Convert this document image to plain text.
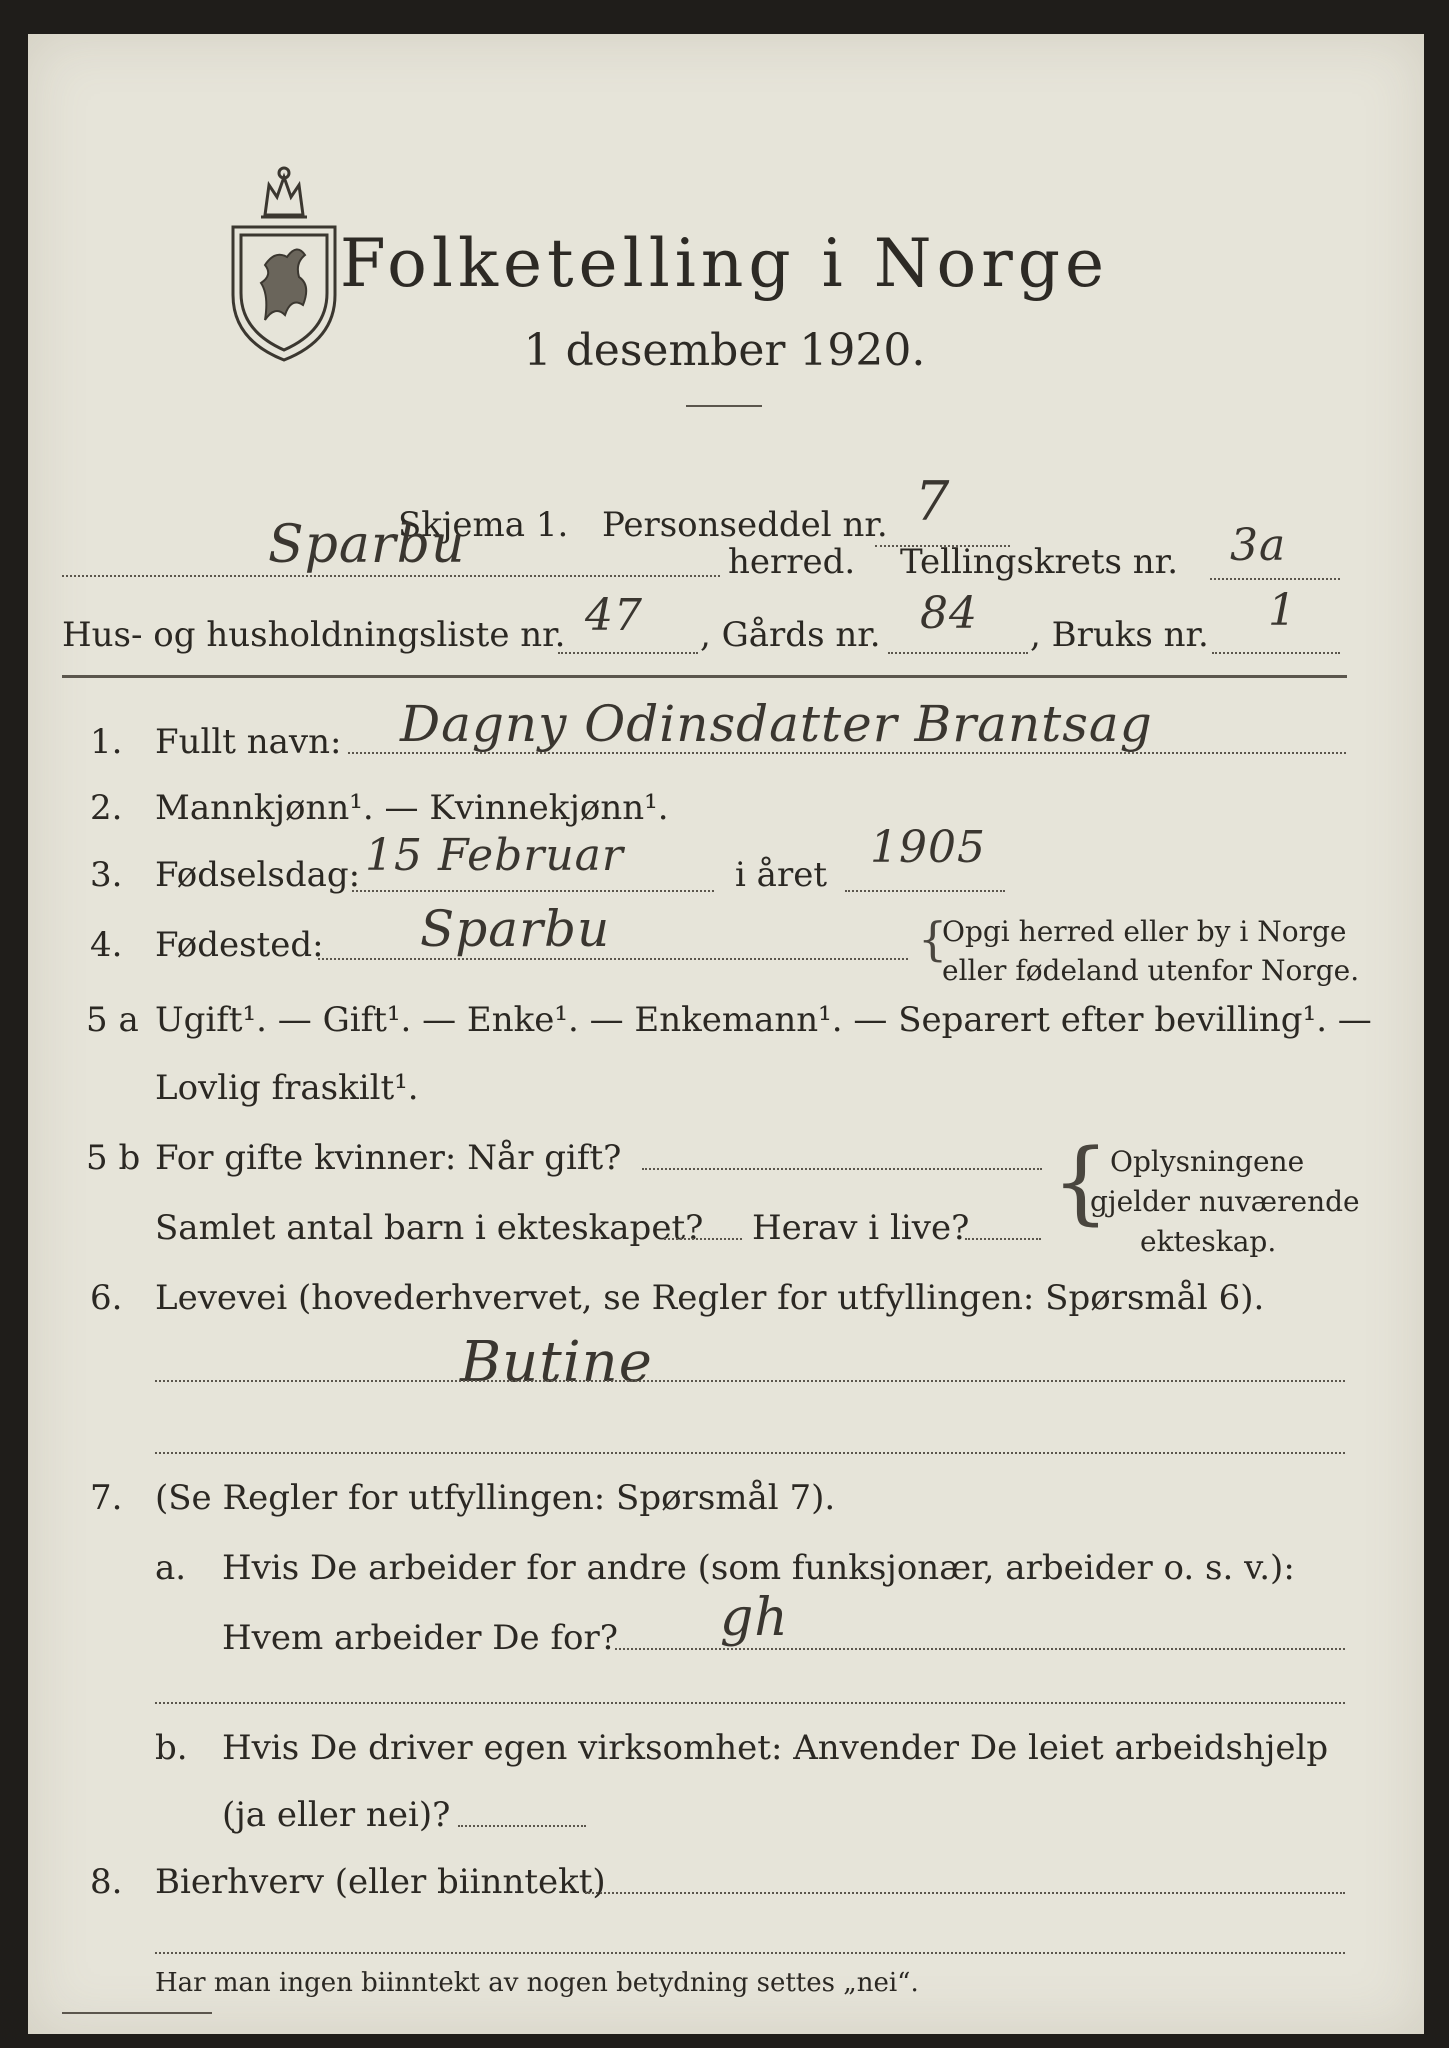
Folketelling i Norge
1 desember 1920.
Skjema 1. Personseddel nr. 7
Sparbu	herred. Tellingskrets nr. 3a
Hus- og husholdningsliste nr. 47 , Gårds nr. 84 , Bruks nr. 1
1. Fullt navn: Dagny Odinsdatter Brantsag
2. Mannkjønn¹. — Kvinnekjønn¹.
3. Fødselsdag: 15 Februar	i året
1905
4. Fødested: Sparbu	{
Opgi herred eller by i Norge
eller fødeland utenfor Norge.
5 a Ugift¹. — Gift¹. — Enke¹. — Enkemann¹. — Separert efter bevilling¹. —
Lovlig fraskilt¹.
5 b For gifte kvinner: Når gift?
Samlet antal barn i ekteskapet? Herav i live? { Oplysningene
gjelder nuværende
ekteskap.
6. Levevei (hovederhvervet, se Regler for utfyllingen: Spørsmål 6).
Butine
7. (Se Regler for utfyllingen: Spørsmål 7).
a. Hvis De arbeider for andre (som funksjonær, arbeider o. s. v.):
Hvem arbeider De for? gh
b. Hvis De driver egen virksomhet: Anvender De leiet arbeidshjelp
(ja eller nei)?
8. Bierhverv (eller biinntekt)
Har man ingen biinntekt av nogen betydning settes „nei“.
